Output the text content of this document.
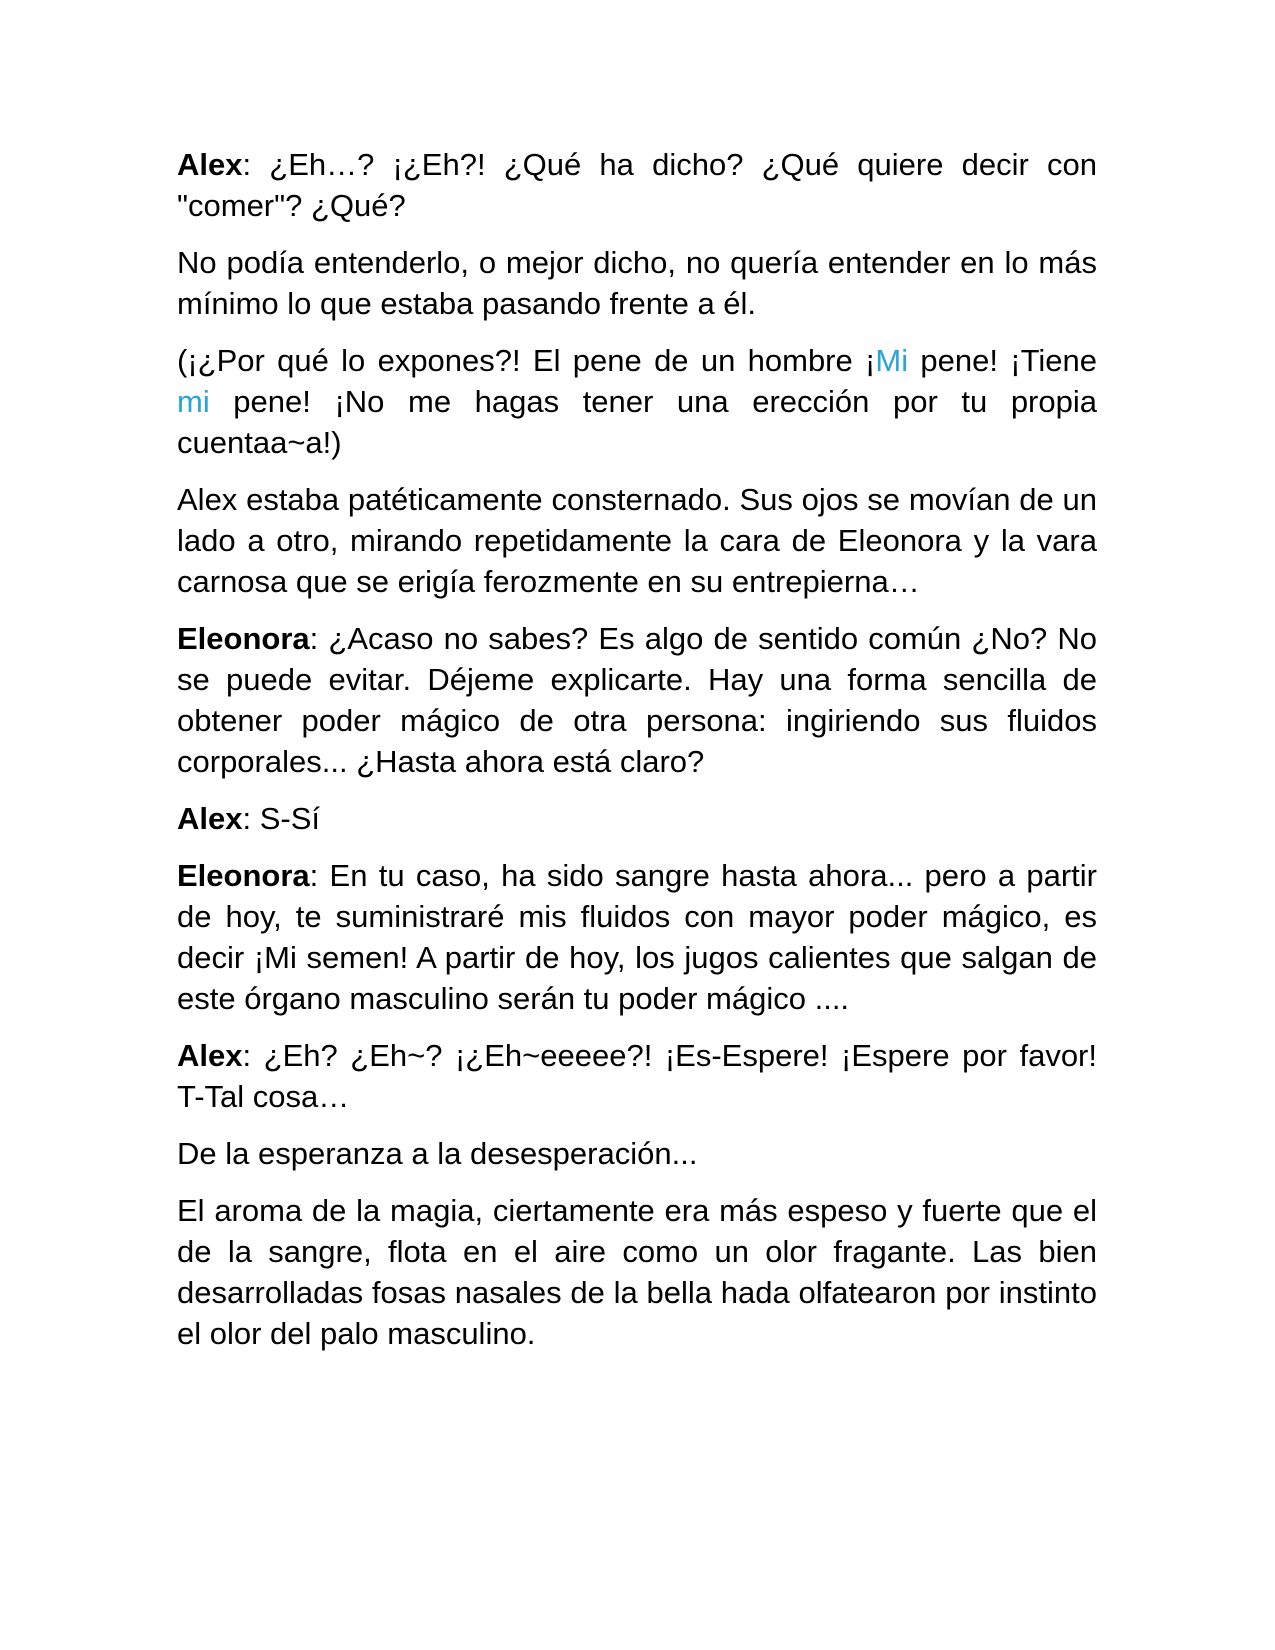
Alex: ¿Eh…? ¡¿Eh?! ¿Qué ha dicho? ¿Qué quiere decir con "comer"? ¿Qué?

No podía entenderlo, o mejor dicho, no quería entender en lo más mínimo lo que estaba pasando frente a él.

(¡¿Por qué lo expones?! El pene de un hombre ¡Mi pene! ¡Tiene mi pene! ¡No me hagas tener una erección por tu propia cuentaa~a!)

Alex estaba patéticamente consternado. Sus ojos se movían de un lado a otro, mirando repetidamente la cara de Eleonora y la vara carnosa que se erigía ferozmente en su entrepierna…

Eleonora: ¿Acaso no sabes? Es algo de sentido común ¿No? No se puede evitar. Déjeme explicarte. Hay una forma sencilla de obtener poder mágico de otra persona: ingiriendo sus fluidos corporales... ¿Hasta ahora está claro?

Alex: S-Sí

Eleonora: En tu caso, ha sido sangre hasta ahora... pero a partir de hoy, te suministraré mis fluidos con mayor poder mágico, es decir ¡Mi semen! A partir de hoy, los jugos calientes que salgan de este órgano masculino serán tu poder mágico ....

Alex: ¿Eh? ¿Eh~? ¡¿Eh~eeeee?! ¡Es-Espere! ¡Espere por favor! T-Tal cosa…

De la esperanza a la desesperación...

El aroma de la magia, ciertamente era más espeso y fuerte que el de la sangre, flota en el aire como un olor fragante. Las bien desarrolladas fosas nasales de la bella hada olfatearon por instinto el olor del palo masculino.
